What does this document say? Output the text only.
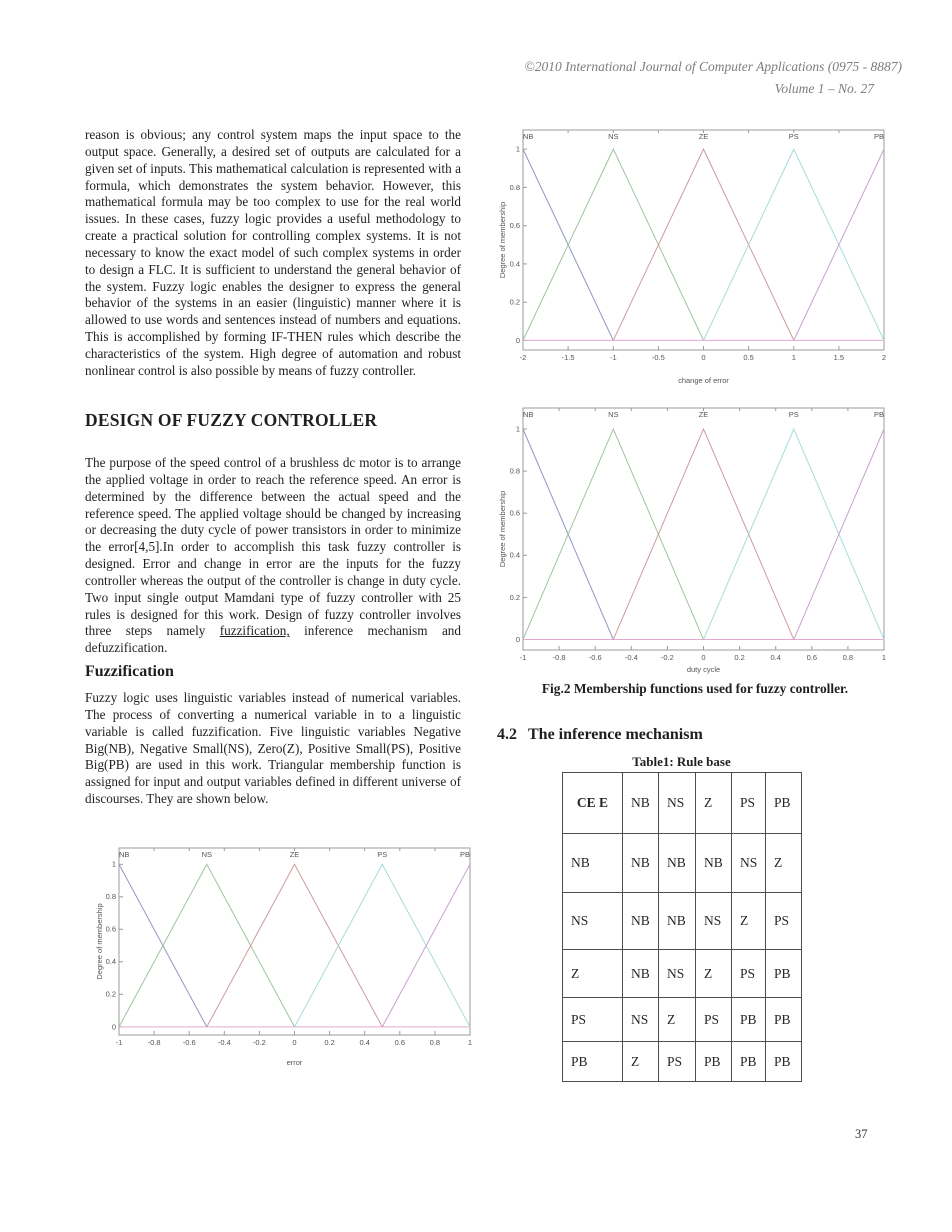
©2010 International Journal of Computer Applications (0975 - 8887)
Volume 1 – No. 27

reason is obvious; any control system maps the input space to the output space. Generally, a desired set of outputs are calculated for a given set of inputs. This mathematical calculation is represented with a formula, which demonstrates the system behavior. However, this mathematical formula may be too complex to use for the real world issues. In these cases, fuzzy logic provides a useful methodology to create a practical solution for controlling complex systems. It is not necessary to know the exact model of such complex systems in order to design a FLC. It is sufficient to understand the general behavior of the system. Fuzzy logic enables the designer to express the general behavior of the systems in an easier (linguistic) manner where it is allowed to use words and sentences instead of numbers and equations. This is accomplished by forming IF-THEN rules which describe the characteristics of the system. High degree of automation and robust nonlinear control is also possible by means of fuzzy controller.

DESIGN OF FUZZY CONTROLLER

The purpose of the speed control of a brushless dc motor is to arrange the applied voltage in order to reach the reference speed. An error is determined by the difference between the actual speed and the reference speed. The applied voltage should be changed by increasing or decreasing the duty cycle of power transistors in order to minimize the error[4,5].In order to accomplish this task fuzzy controller is designed. Error and change in error are the inputs for the fuzzy controller whereas the output of the controller is change in duty cycle. Two input single output Mamdani type of fuzzy controller with 25 rules is designed for this work. Design of fuzzy controller involves three steps namely fuzzification, inference mechanism and defuzzification.

Fuzzification

Fuzzy logic uses linguistic variables instead of numerical variables. The process of converting a numerical variable in to a linguistic variable is called fuzzification. Five linguistic variables Negative Big(NB), Negative Small(NS), Zero(Z), Positive Small(PS), Positive Big(PB) are used in this work. Triangular membership function is assigned for input and output variables defined in different universe of discourses. They are shown below.

-2	-1.5	-1	-0.5	0	0.5	1	1.5	2
0
0.2
0.4
0.6
0.8
1
NB	NS	ZE	PS	PB
change of error
Degree of membership
-1	-0.8	-0.6	-0.4	-0.2	0	0.2	0.4	0.6	0.8	1
0
0.2
0.4
0.6
0.8
1
NB	NS	ZE	PS	PB
duty cycle
Degree of membership
-1	-0.8	-0.6	-0.4	-0.2	0	0.2	0.4	0.6	0.8	1
0
0.2
0.4
0.6
0.8
1
NB	NS	ZE	PS	PB
error
Degree of membership
Fig.2 Membership functions used for fuzzy controller.
4.2 The inference mechanism
Table1: Rule base
CE E	NB	NS	Z	PS	PB
NB	NB	NB	NB	NS	Z
NS	NB	NB	NS	Z	PS
Z	NB	NS	Z	PS	PB
PS	NS	Z	PS	PB	PB
PB	Z	PS	PB	PB	PB
37
